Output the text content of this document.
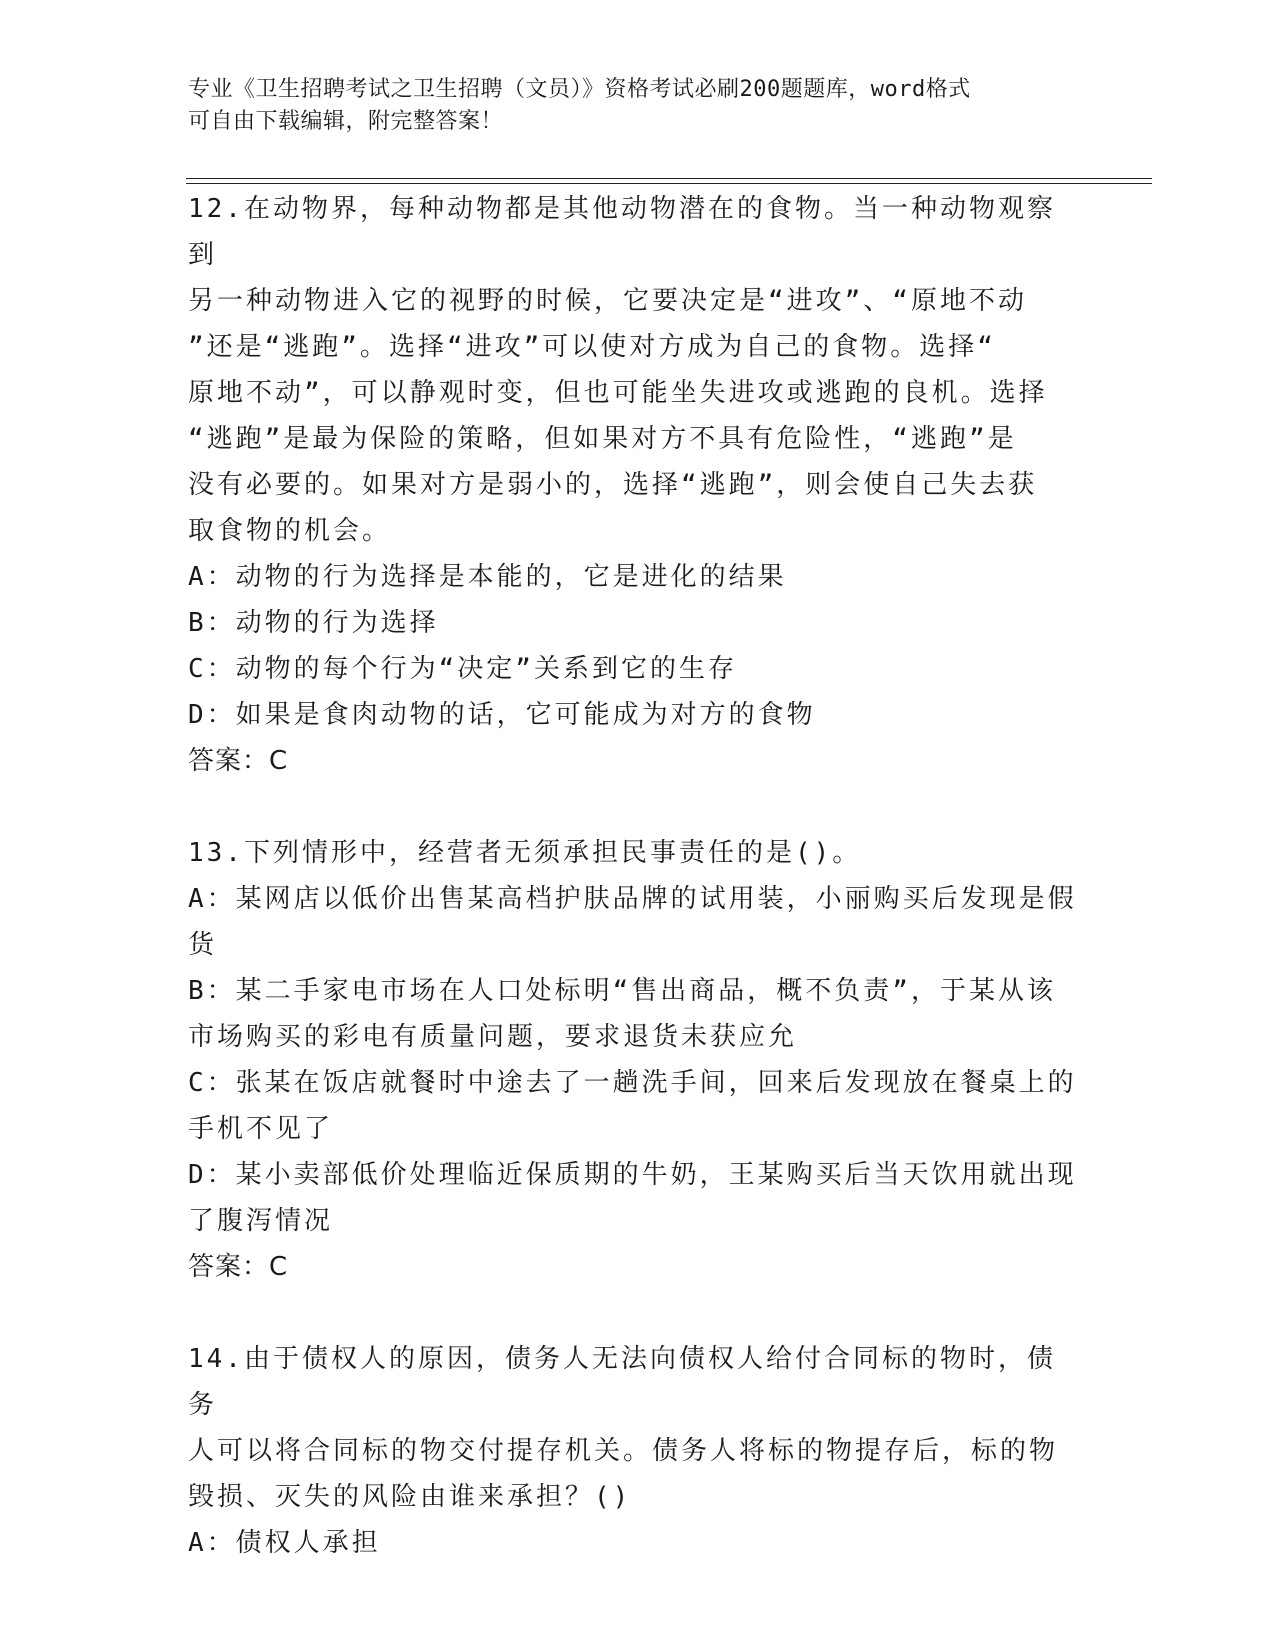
专业《卫生招聘考试之卫生招聘（文员）》资格考试必刷200题题库，word格式
可自由下载编辑，附完整答案！

12.在动物界，每种动物都是其他动物潜在的食物。当一种动物观察到

另一种动物进入它的视野的时候，它要决定是“进攻”、“原地不动

”还是“逃跑”。选择“进攻”可以使对方成为自己的食物。选择“

原地不动”，可以静观时变，但也可能坐失进攻或逃跑的良机。选择

“逃跑”是最为保险的策略，但如果对方不具有危险性，“逃跑”是

没有必要的。如果对方是弱小的，选择“逃跑”，则会使自己失去获

取食物的机会。

A：动物的行为选择是本能的，它是进化的结果

B：动物的行为选择

C：动物的每个行为“决定”关系到它的生存

D：如果是食肉动物的话，它可能成为对方的食物

答案：C

13.下列情形中，经营者无须承担民事责任的是()。

A：某网店以低价出售某高档护肤品牌的试用装，小丽购买后发现是假

货

B：某二手家电市场在人口处标明“售出商品，概不负责”，于某从该

市场购买的彩电有质量问题，要求退货未获应允

C：张某在饭店就餐时中途去了一趟洗手间，回来后发现放在餐桌上的

手机不见了

D：某小卖部低价处理临近保质期的牛奶，王某购买后当天饮用就出现

了腹泻情况

答案：C

14.由于债权人的原因，债务人无法向债权人给付合同标的物时，债务

人可以将合同标的物交付提存机关。债务人将标的物提存后，标的物

毁损、灭失的风险由谁来承担？()

A：债权人承担
